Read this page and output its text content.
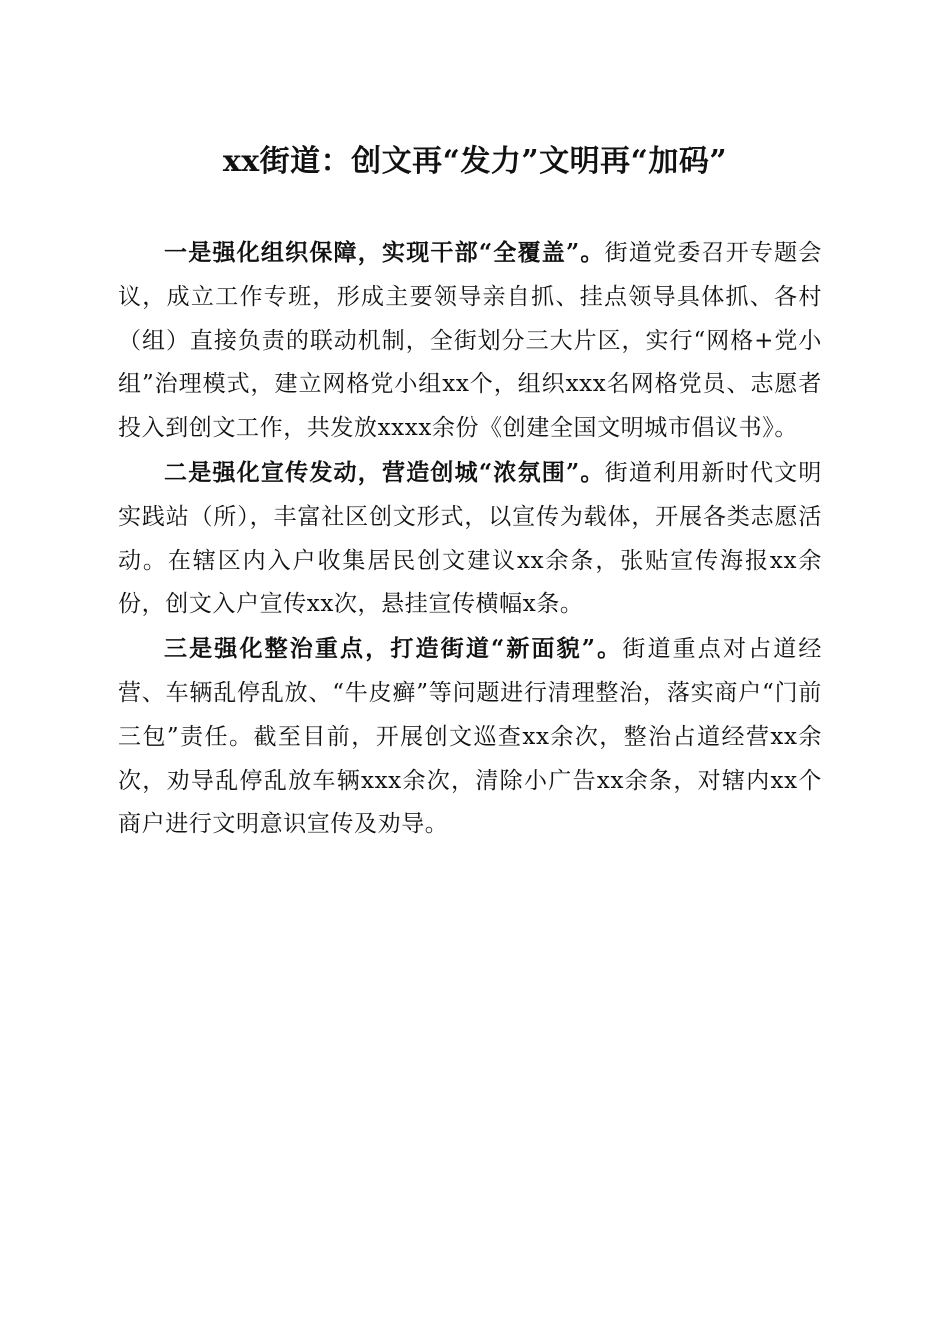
xx街道：创文再“发力”文明再“加码”

一是强化组织保障，实现干部“全覆盖”。街道党委召开专题会议，成立工作专班，形成主要领导亲自抓、挂点领导具体抓、各村（组）直接负责的联动机制，全街划分三大片区，实行“网格+党小组”治理模式，建立网格党小组xx个，组织xxx名网格党员、志愿者投入到创文工作，共发放xxxx余份《创建全国文明城市倡议书》。

二是强化宣传发动，营造创城“浓氛围”。街道利用新时代文明实践站（所），丰富社区创文形式，以宣传为载体，开展各类志愿活动。在辖区内入户收集居民创文建议xx余条，张贴宣传海报xx余份，创文入户宣传xx次，悬挂宣传横幅x条。

三是强化整治重点，打造街道“新面貌”。街道重点对占道经营、车辆乱停乱放、“牛皮癣”等问题进行清理整治，落实商户“门前三包”责任。截至目前，开展创文巡查xx余次，整治占道经营xx余次，劝导乱停乱放车辆xxx余次，清除小广告xx余条，对辖内xx个商户进行文明意识宣传及劝导。
